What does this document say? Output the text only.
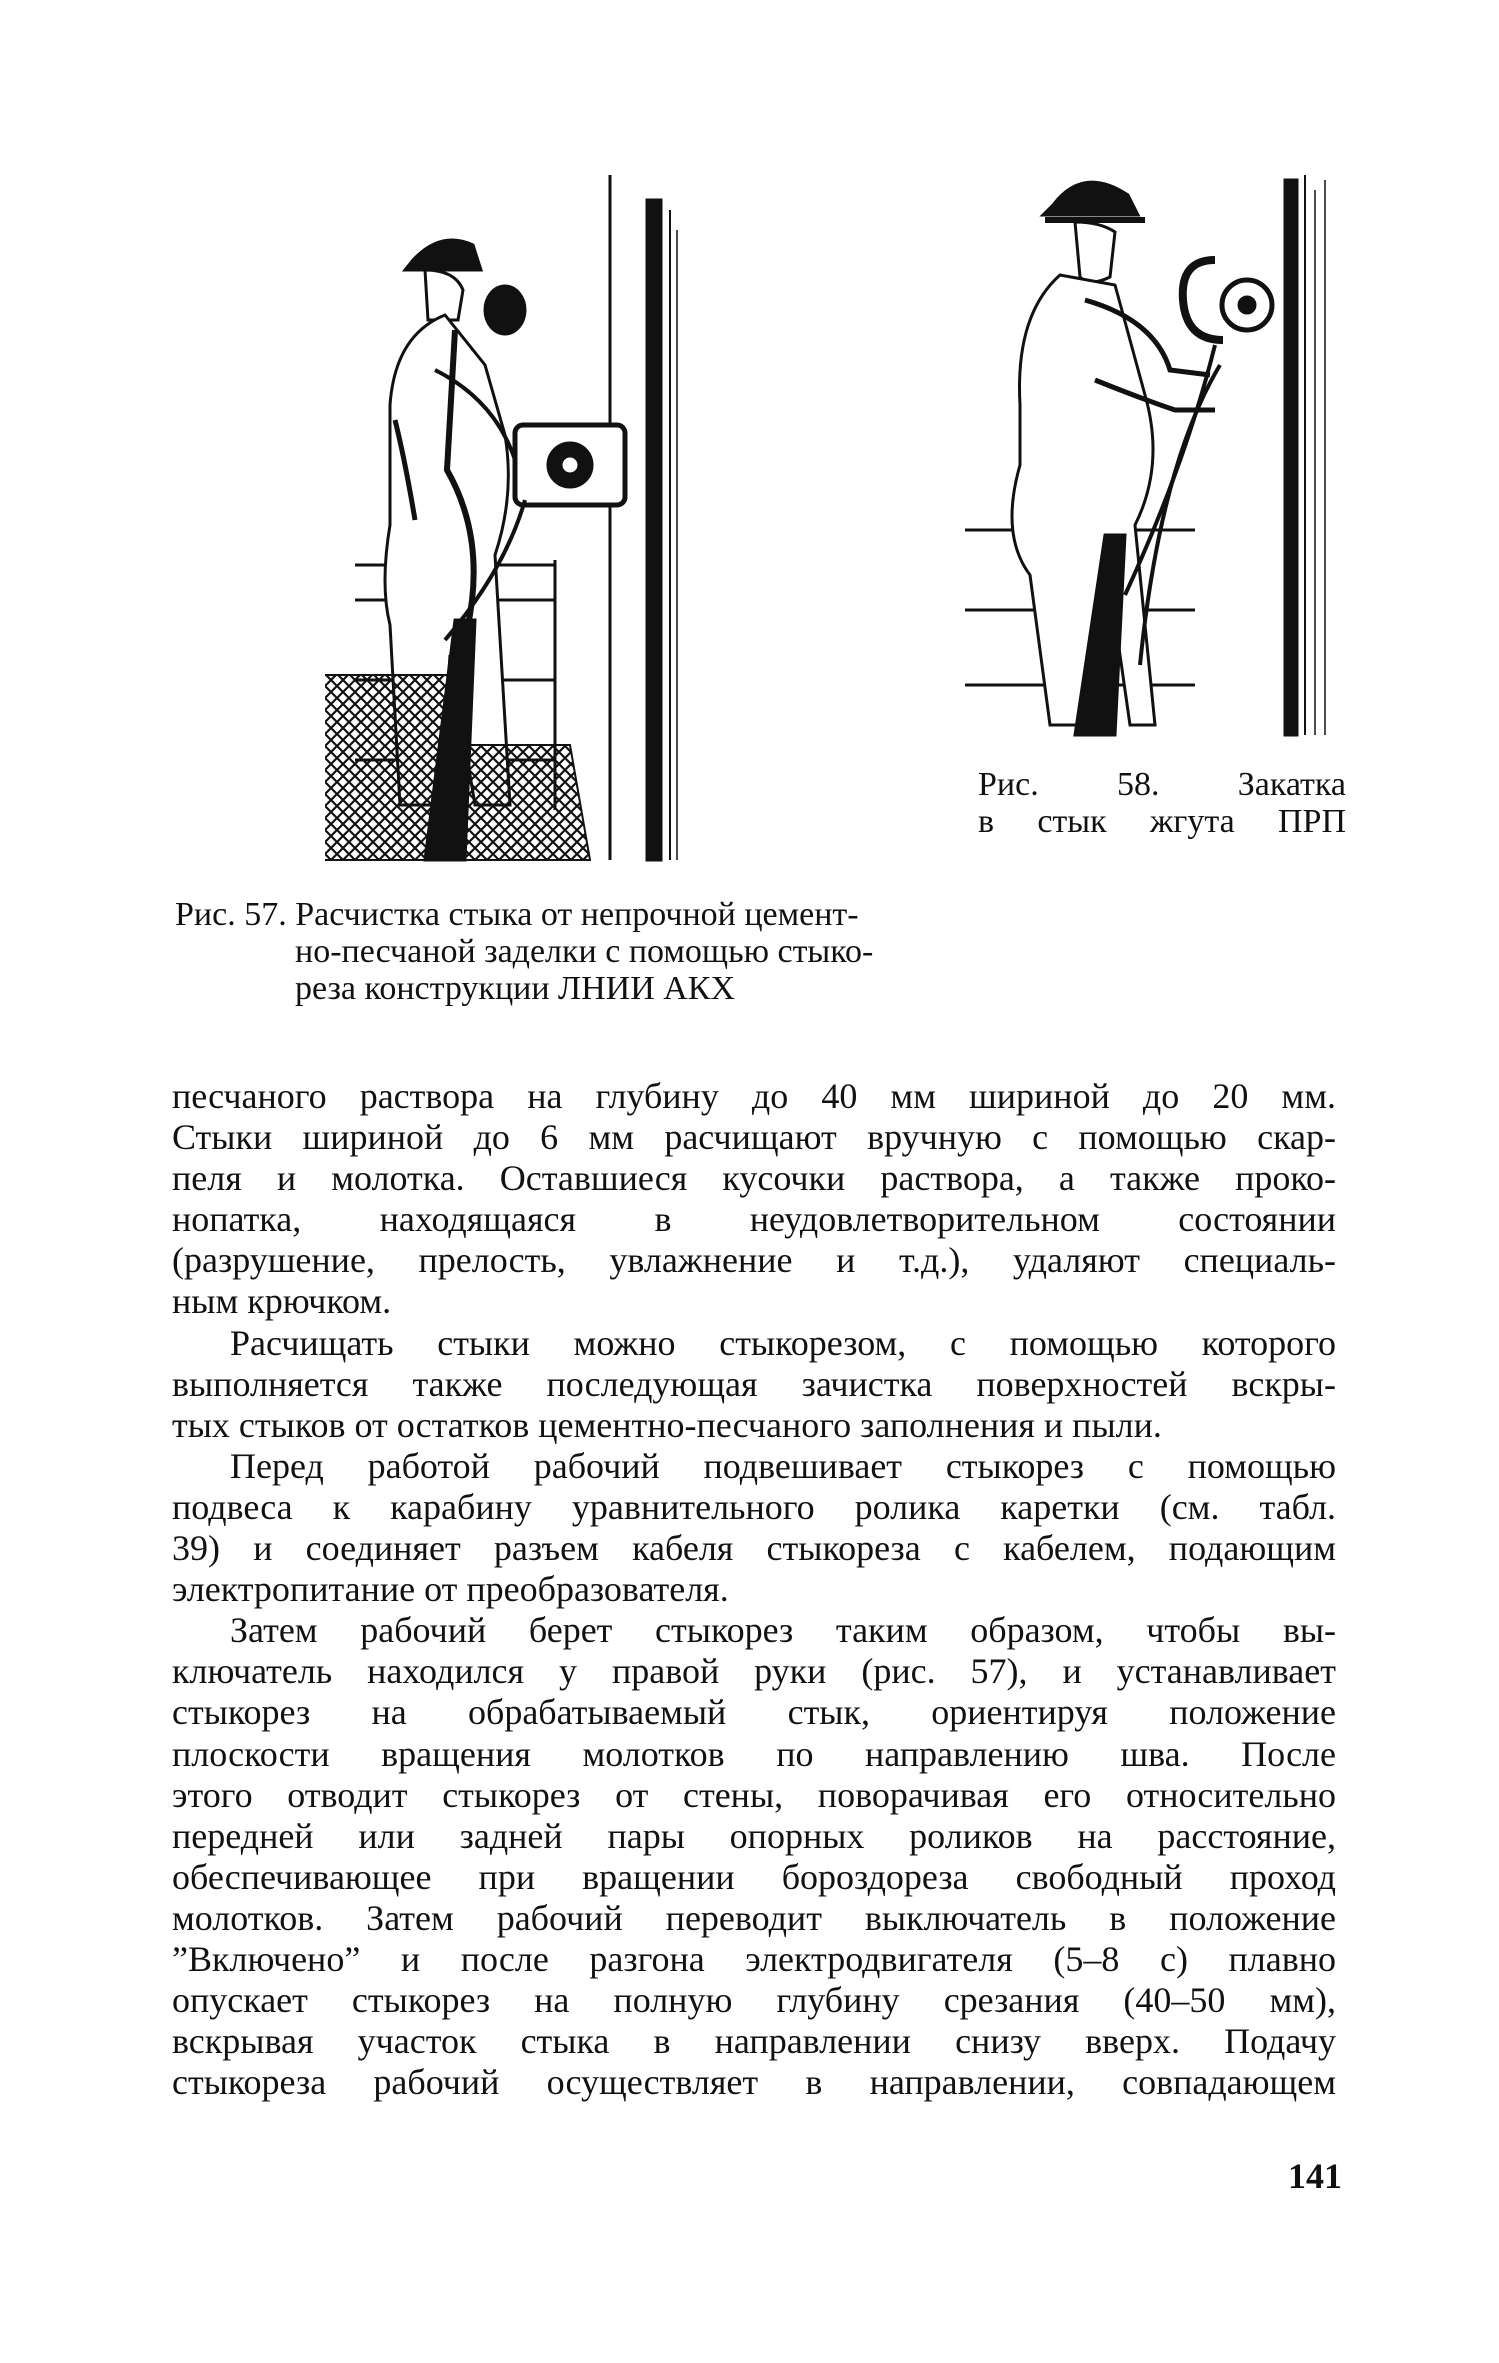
Рис. 58. Закатка
в стык жгута ПРП
Рис. 57. Расчистка стыка от непрочной цемент-
но-песчаной заделки с помощью стыко-
реза конструкции ЛНИИ АКХ
песчаного раствора на глубину до 40 мм шириной до 20 мм.
Стыки шириной до 6 мм расчищают вручную с помощью скар-
пеля и молотка. Оставшиеся кусочки раствора, а также проко-
нопатка, находящаяся в неудовлетворительном состоянии
(разрушение, прелость, увлажнение и т.д.), удаляют специаль-
ным крючком.
Расчищать стыки можно стыкорезом, с помощью которого
выполняется также последующая зачистка поверхностей вскры-
тых стыков от остатков цементно-песчаного заполнения и пыли.
Перед работой рабочий подвешивает стыкорез с помощью
подвеса к карабину уравнительного ролика каретки (см. табл.
39) и соединяет разъем кабеля стыкореза с кабелем, подающим
электропитание от преобразователя.
Затем рабочий берет стыкорез таким образом, чтобы вы-
ключатель находился у правой руки (рис. 57), и устанавливает
стыкорез на обрабатываемый стык, ориентируя положение
плоскости вращения молотков по направлению шва. После
этого отводит стыкорез от стены, поворачивая его относительно
передней или задней пары опорных роликов на расстояние,
обеспечивающее при вращении бороздореза свободный проход
молотков. Затем рабочий переводит выключатель в положение
”Включено” и после разгона электродвигателя (5–8 с) плавно
опускает стыкорез на полную глубину срезания (40–50 мм),
вскрывая участок стыка в направлении снизу вверх. Подачу
стыкореза рабочий осуществляет в направлении, совпадающем
141
